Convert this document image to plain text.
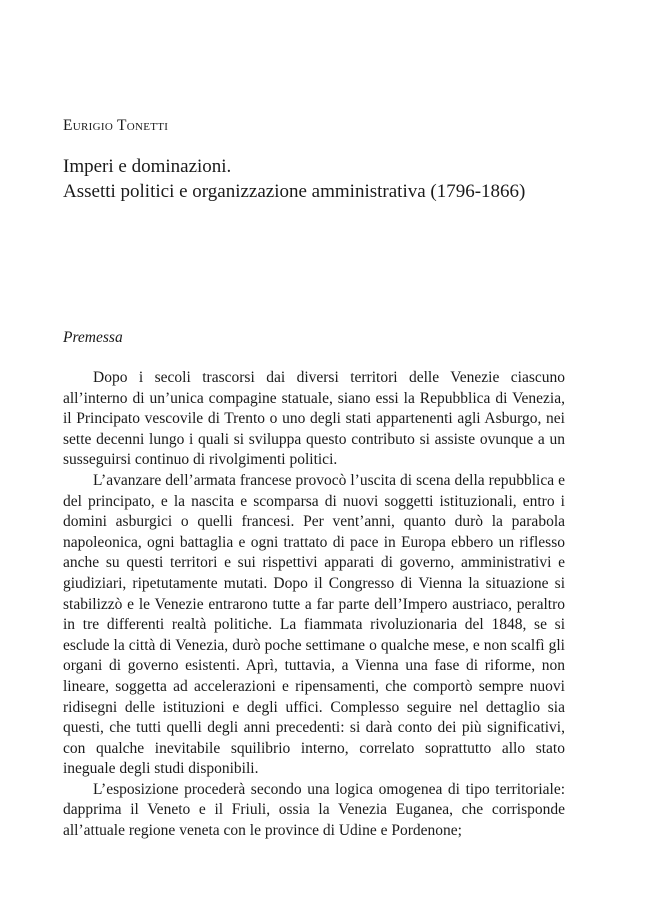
Eurigio Tonetti
Imperi e dominazioni.
Assetti politici e organizzazione amministrativa (1796-1866)
Premessa

Dopo i secoli trascorsi dai diversi territori delle Venezie ciascuno all’interno di un’unica compagine statuale, siano essi la Repubblica di Venezia, il Principato vescovile di Trento o uno degli stati appartenenti agli Asburgo, nei sette decenni lungo i quali si sviluppa questo contributo si assiste ovunque a un susseguirsi continuo di rivolgimenti politici.

L’avanzare dell’armata francese provocò l’uscita di scena della repubblica e del principato, e la nascita e scomparsa di nuovi soggetti istituzionali, entro i domini asburgici o quelli francesi. Per vent’anni, quanto durò la parabola napoleonica, ogni battaglia e ogni trattato di pace in Europa ebbero un riflesso anche su questi territori e sui rispettivi apparati di governo, amministrativi e giudiziari, ripetutamente mutati. Dopo il Congresso di Vienna la situazione si stabilizzò e le Venezie entrarono tutte a far parte dell’Impero austriaco, peraltro in tre differenti realtà politiche. La fiammata rivoluzionaria del 1848, se si esclude la città di Venezia, durò poche settimane o qualche mese, e non scalfì gli organi di governo esistenti. Aprì, tuttavia, a Vienna una fase di riforme, non lineare, soggetta ad accelerazioni e ripensamenti, che comportò sempre nuovi ridisegni delle istituzioni e degli uffici. Complesso seguire nel dettaglio sia questi, che tutti quelli degli anni precedenti: si darà conto dei più significativi, con qualche inevitabile squilibrio interno, correlato soprattutto allo stato ineguale degli studi disponibili.

L’esposizione procederà secondo una logica omogenea di tipo territoriale: dapprima il Veneto e il Friuli, ossia la Venezia Euganea, che corrisponde all’attuale regione veneta con le province di Udine e Pordenone;
